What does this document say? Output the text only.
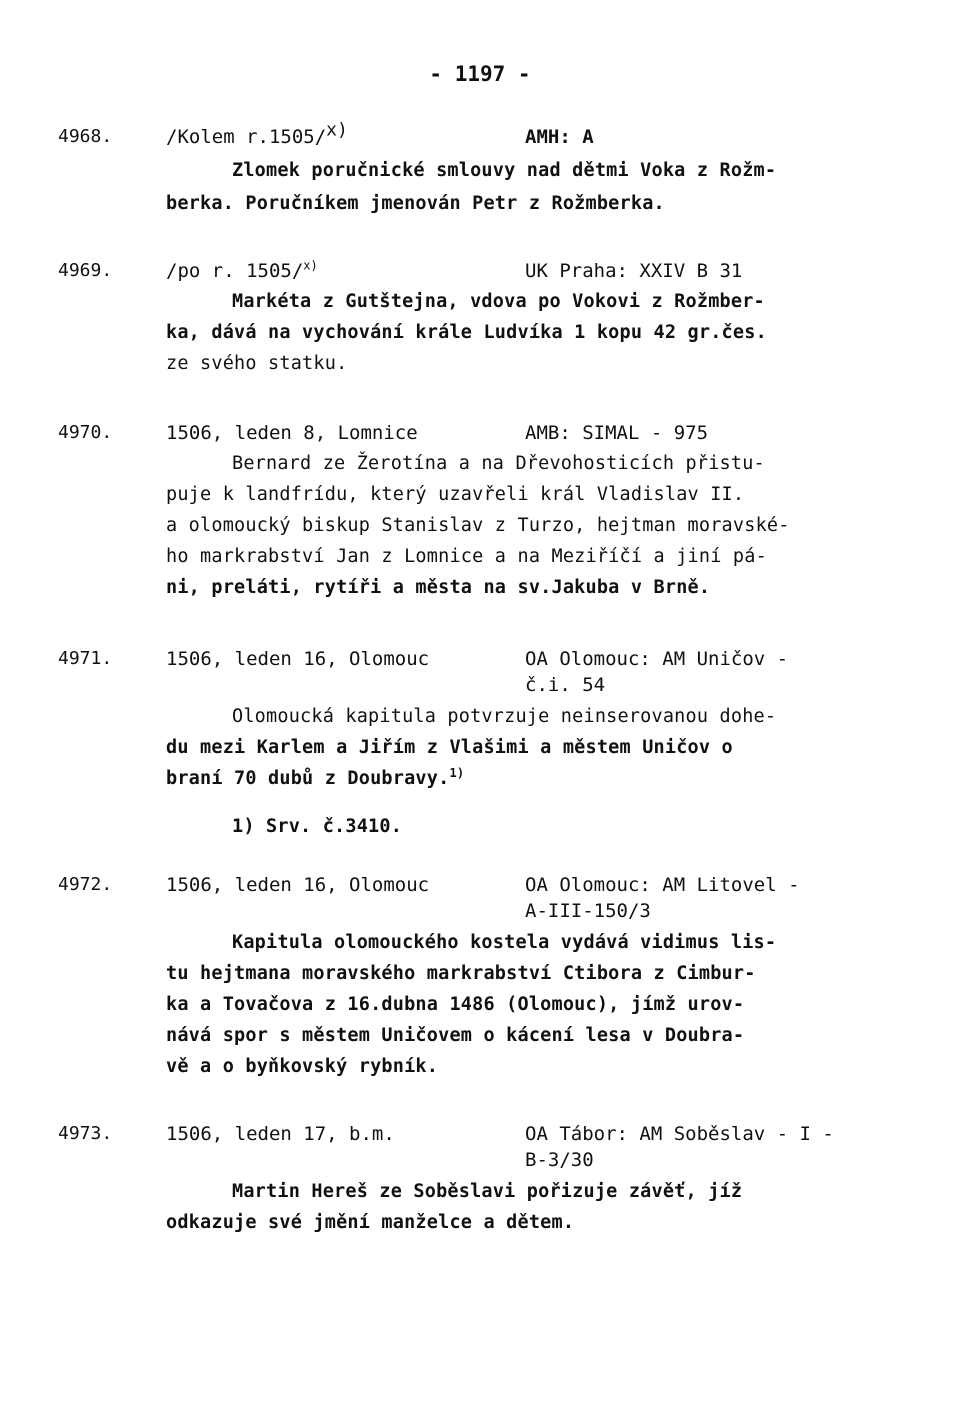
- 1197 -
4968.	/Kolem r.1505/$^{x)}$	AMH: A
Zlomek poručnické smlouvy nad dětmi Voka z Rožm-
berka. Poručníkem jmenován Petr z Rožmberka.
4969.	/po r. 1505/$^{x)}$	UK Praha: XXIV B 31
Markéta z Gutštejna, vdova po Vokovi z Rožmber-
ka, dává na vychování krále Ludvíka 1 kopu 42 gr.čes.
ze svého statku.
4970.	1506, leden 8, Lomnice	AMB: SIMAL - 975
Bernard ze Žerotína a na Dřevohosticích přistu-
puje k landfrídu, který uzavřeli král Vladislav II.
a olomoucký biskup Stanislav z Turzo, hejtman moravské-
ho markrabství Jan z Lomnice a na Meziříčí a jiní pá-
ni, preláti, rytíři a města na sv.Jakuba v Brně.
4971.	1506, leden 16, Olomouc	OA Olomouc: AM Uničov -
č.i. 54
Olomoucká kapitula potvrzuje neinserovanou dohe-
du mezi Karlem a Jiřím z Vlašimi a městem Uničov o
braní 70 dubů z Doubravy.$^{1)}$
1) Srv. č.3410.
4972.	1506, leden 16, Olomouc	OA Olomouc: AM Litovel -
A-III-150/3
Kapitula olomouckého kostela vydává vidimus lis-
tu hejtmana moravského markrabství Ctibora z Cimbur-
ka a Tovačova z 16.dubna 1486 (Olomouc), jímž urov-
nává spor s městem Uničovem o kácení lesa v Doubra-
vě a o byňkovský rybník.
4973.	1506, leden 17, b.m.	OA Tábor: AM Soběslav - I -
B-3/30
Martin Hereš ze Soběslavi pořizuje závěť, jíž
odkazuje své jmění manželce a dětem.
